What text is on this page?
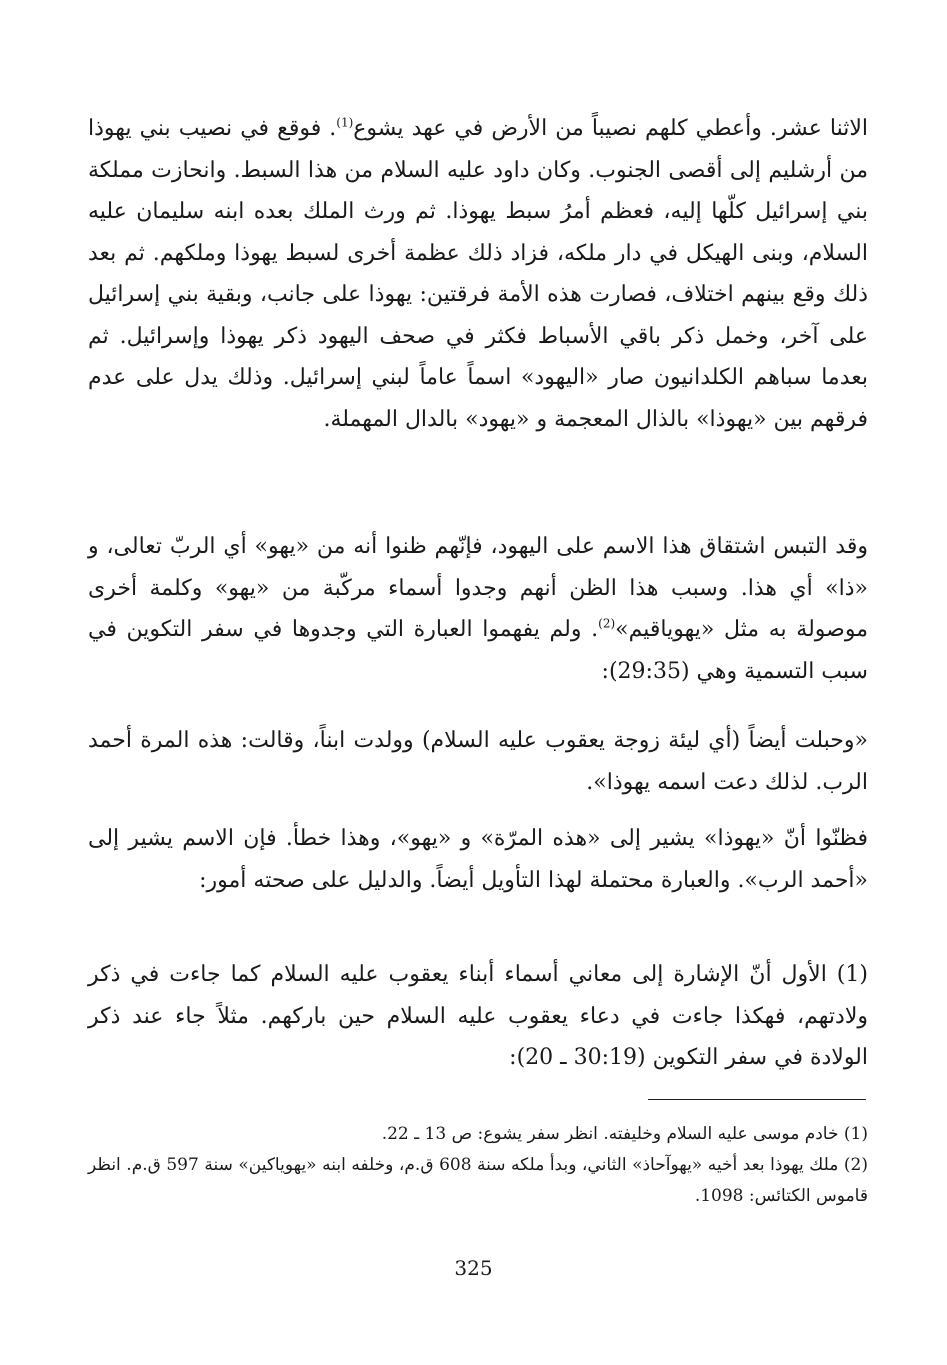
الاثنا عشر. وأعطي كلهم نصيباً من الأرض في عهد يشوع$^{(1)}$. فوقع في نصيب بني يهوذا من أرشليم إلى أقصى الجنوب. وكان داود عليه السلام من هذا السبط. وانحازت مملكة بني إسرائيل كلّها إليه، فعظم أمرُ سبط يهوذا. ثم ورث الملك بعده ابنه سليمان عليه السلام، وبنى الهيكل في دار ملكه، فزاد ذلك عظمة أخرى لسبط يهوذا وملكهم. ثم بعد ذلك وقع بينهم اختلاف، فصارت هذه الأمة فرقتين: يهوذا على جانب، وبقية بني إسرائيل على آخر، وخمل ذكر باقي الأسباط فكثر في صحف اليهود ذكر يهوذا وإسرائيل. ثم بعدما سباهم الكلدانيون صار «اليهود» اسماً عاماً لبني إسرائيل. وذلك يدل على عدم فرقهم بين «يهوذا» بالذال المعجمة و «يهود» بالدال المهملة.

وقد التبس اشتقاق هذا الاسم على اليهود، فإنّهم ظنوا أنه من «يهو» أي الربّ تعالى، و «ذا» أي هذا. وسبب هذا الظن أنهم وجدوا أسماء مركّبة من «يهو» وكلمة أخرى موصولة به مثل «يهوياقيم»$^{(2)}$. ولم يفهموا العبارة التي وجدوها في سفر التكوين في سبب التسمية وهي (29:35):

«وحبلت أيضاً (أي ليئة زوجة يعقوب عليه السلام) وولدت ابناً، وقالت: هذه المرة أحمد الرب. لذلك دعت اسمه يهوذا».

فظنّوا أنّ «يهوذا» يشير إلى «هذه المرّة» و «يهو»، وهذا خطأ. فإن الاسم يشير إلى «أحمد الرب». والعبارة محتملة لهذا التأويل أيضاً. والدليل على صحته أمور:

(1) الأول أنّ الإشارة إلى معاني أسماء أبناء يعقوب عليه السلام كما جاءت في ذكر ولادتهم، فهكذا جاءت في دعاء يعقوب عليه السلام حين باركهم. مثلاً جاء عند ذكر الولادة في سفر التكوين (30:19 ـ 20):

(1) خادم موسى عليه السلام وخليفته. انظر سفر يشوع: ص 13 ـ 22.

(2) ملك يهوذا بعد أخيه «يهوآحاذ» الثاني، وبدأ ملكه سنة 608 ق.م، وخلفه ابنه «يهوياكين» سنة 597 ق.م. انظر قاموس الكتائس: 1098.

325
